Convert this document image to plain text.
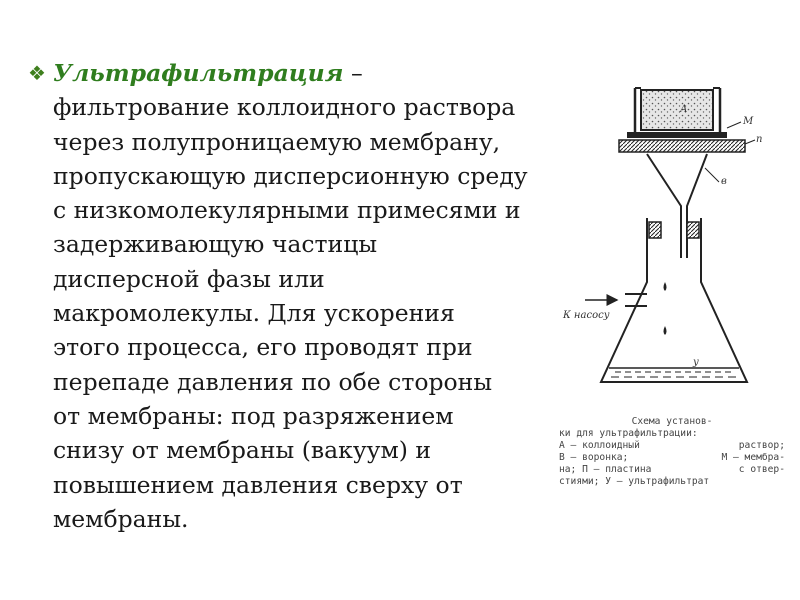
❖ Ультрафильтрация –
фильтрование коллоидного раствора
через полупроницаемую мембрану,
пропускающую дисперсионную среду
с низкомолекулярными примесями и
задерживающую частицы
дисперсной фазы или
макромолекулы. Для ускорения
этого процесса, его проводят при
перепаде давления по обе стороны
от мембраны: под разряжением
снизу от мембраны (вакуум) и
повышением давления сверху от
мембраны.
А
М
п
в
К насосу
у
Схема установ-
ки для ультрафильтрации:
А — коллоидный	раствор;
В — воронка;	М — мембра-
на; П — пластина	с отвер-
стиями; У — ультрафильтрат
